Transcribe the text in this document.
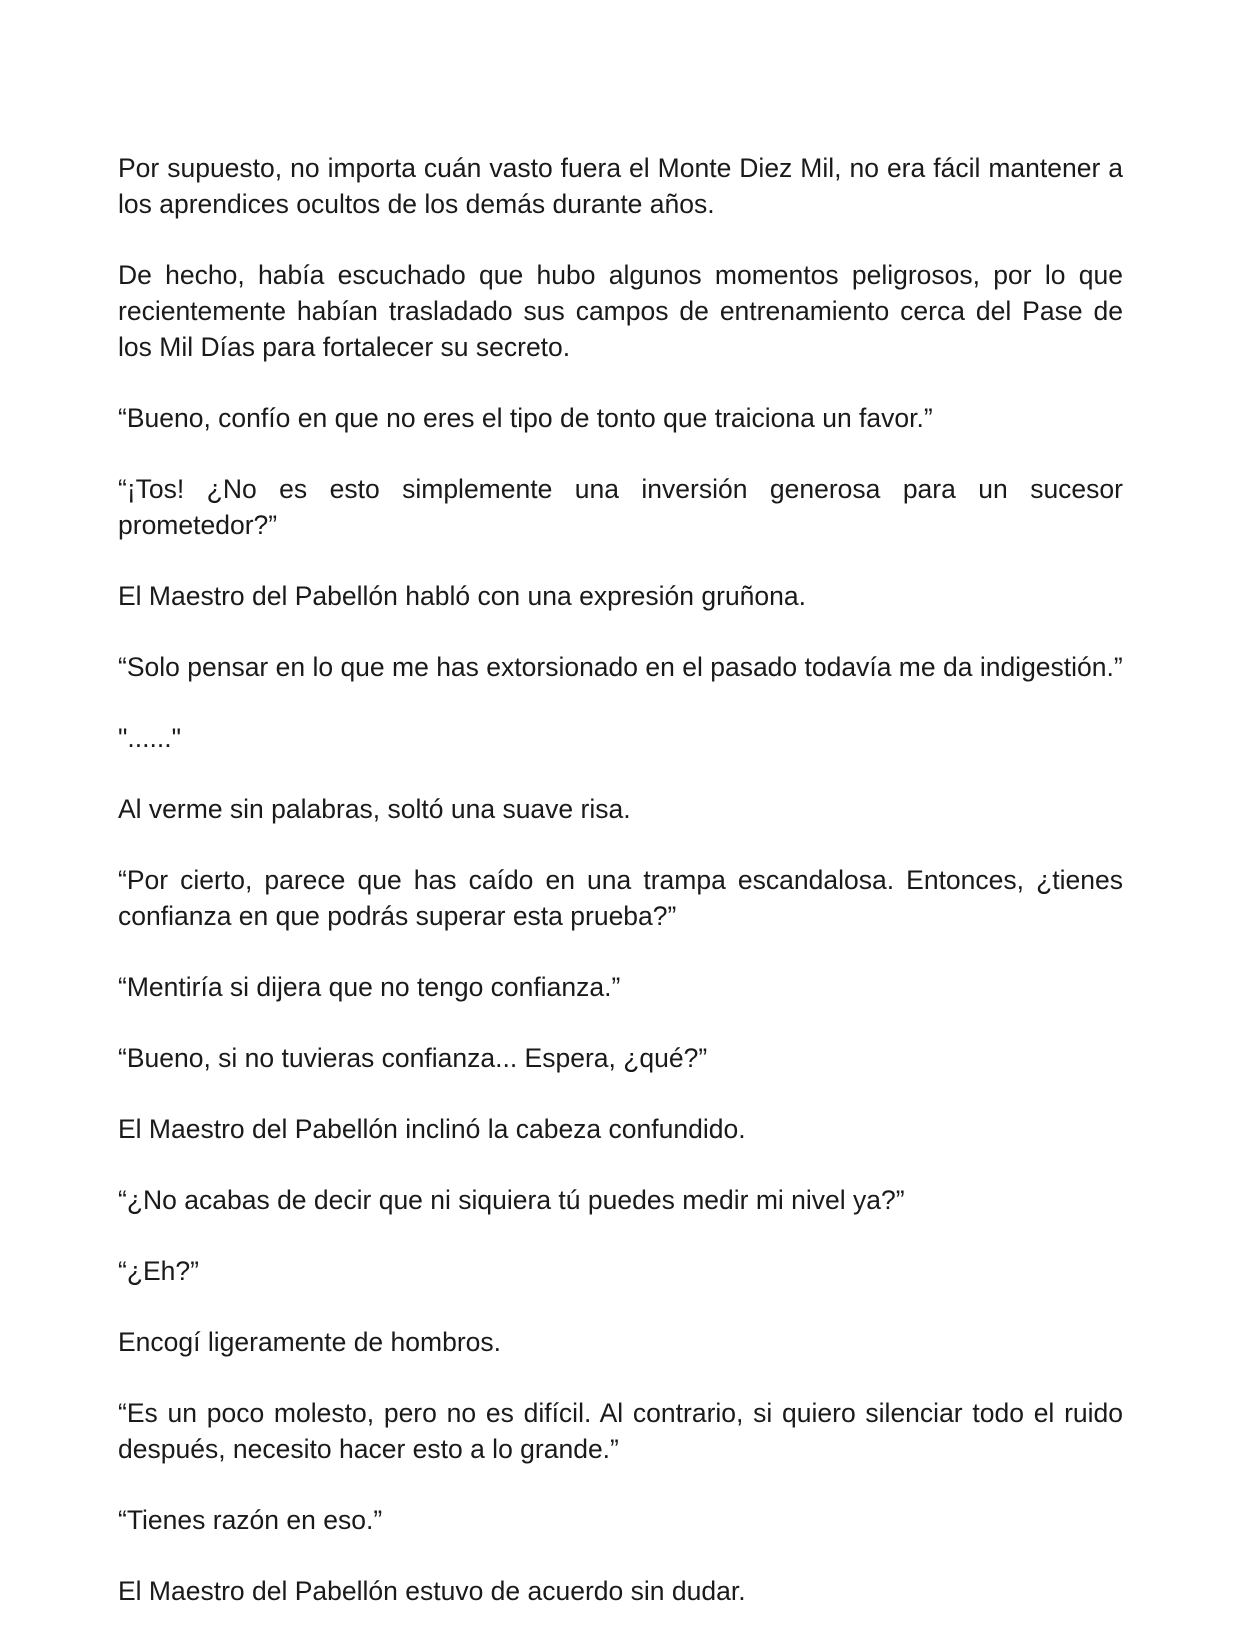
Por supuesto, no importa cuán vasto fuera el Monte Diez Mil, no era fácil mantener a los aprendices ocultos de los demás durante años.

De hecho, había escuchado que hubo algunos momentos peligrosos, por lo que recientemente habían trasladado sus campos de entrenamiento cerca del Pase de los Mil Días para fortalecer su secreto.

“Bueno, confío en que no eres el tipo de tonto que traiciona un favor.”

“¡Tos! ¿No es esto simplemente una inversión generosa para un sucesor prometedor?”

El Maestro del Pabellón habló con una expresión gruñona.

“Solo pensar en lo que me has extorsionado en el pasado todavía me da indigestión.”

"......"

Al verme sin palabras, soltó una suave risa.

“Por cierto, parece que has caído en una trampa escandalosa. Entonces, ¿tienes confianza en que podrás superar esta prueba?”

“Mentiría si dijera que no tengo confianza.”

“Bueno, si no tuvieras confianza... Espera, ¿qué?”

El Maestro del Pabellón inclinó la cabeza confundido.

“¿No acabas de decir que ni siquiera tú puedes medir mi nivel ya?”

“¿Eh?”

Encogí ligeramente de hombros.

“Es un poco molesto, pero no es difícil. Al contrario, si quiero silenciar todo el ruido después, necesito hacer esto a lo grande.”

“Tienes razón en eso.”

El Maestro del Pabellón estuvo de acuerdo sin dudar.
